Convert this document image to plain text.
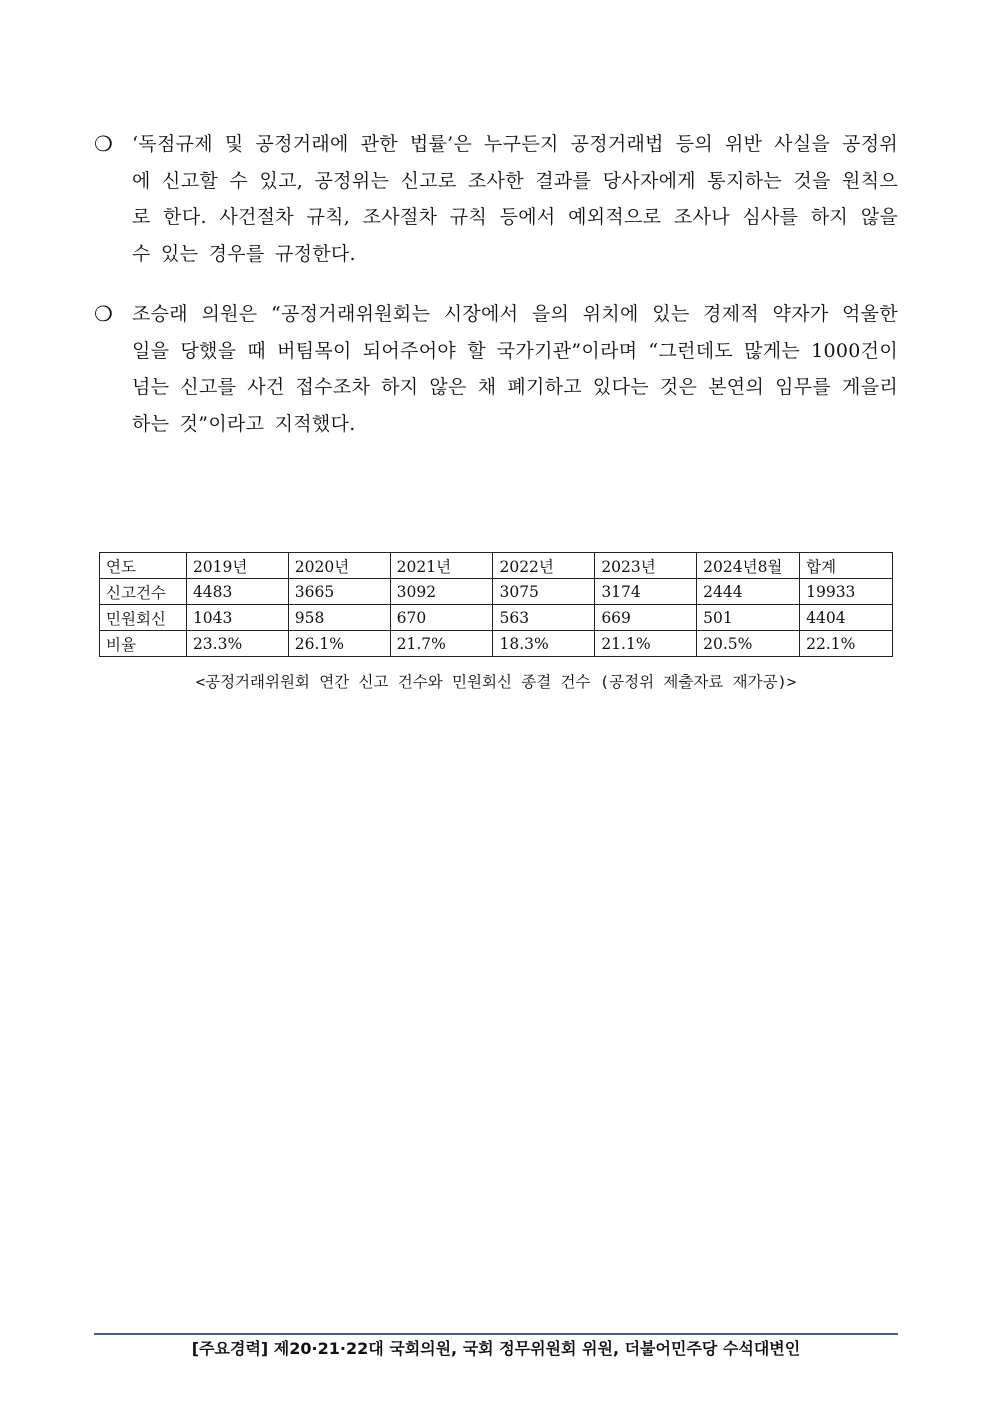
❍	‘독점규제 및 공정거래에 관한 법률’은 누구든지 공정거래법 등의 위반 사실을 공정위에 신고할 수 있고, 공정위는 신고로 조사한 결과를 당사자에게 통지하는 것을 원칙으로 한다. 사건절차 규칙, 조사절차 규칙 등에서 예외적으로 조사나 심사를 하지 않을 수 있는 경우를 규정한다.
❍	조승래 의원은 “공정거래위원회는 시장에서 을의 위치에 있는 경제적 약자가 억울한 일을 당했을 때 버팀목이 되어주어야 할 국가기관”이라며 “그런데도 많게는 1000건이 넘는 신고를 사건 접수조차 하지 않은 채 폐기하고 있다는 것은 본연의 임무를 게을리 하는 것”이라고 지적했다.
연도	2019년	2020년	2021년	2022년	2023년	2024년8월	합계
신고건수	4483	3665	3092	3075	3174	2444	19933
민원회신	1043	958	670	563	669	501	4404
비율	23.3%	26.1%	21.7%	18.3%	21.1%	20.5%	22.1%
<공정거래위원회 연간 신고 건수와 민원회신 종결 건수 (공정위 제출자료 재가공)>
[주요경력] 제20·21·22대 국회의원, 국회 정무위원회 위원, 더불어민주당 수석대변인
